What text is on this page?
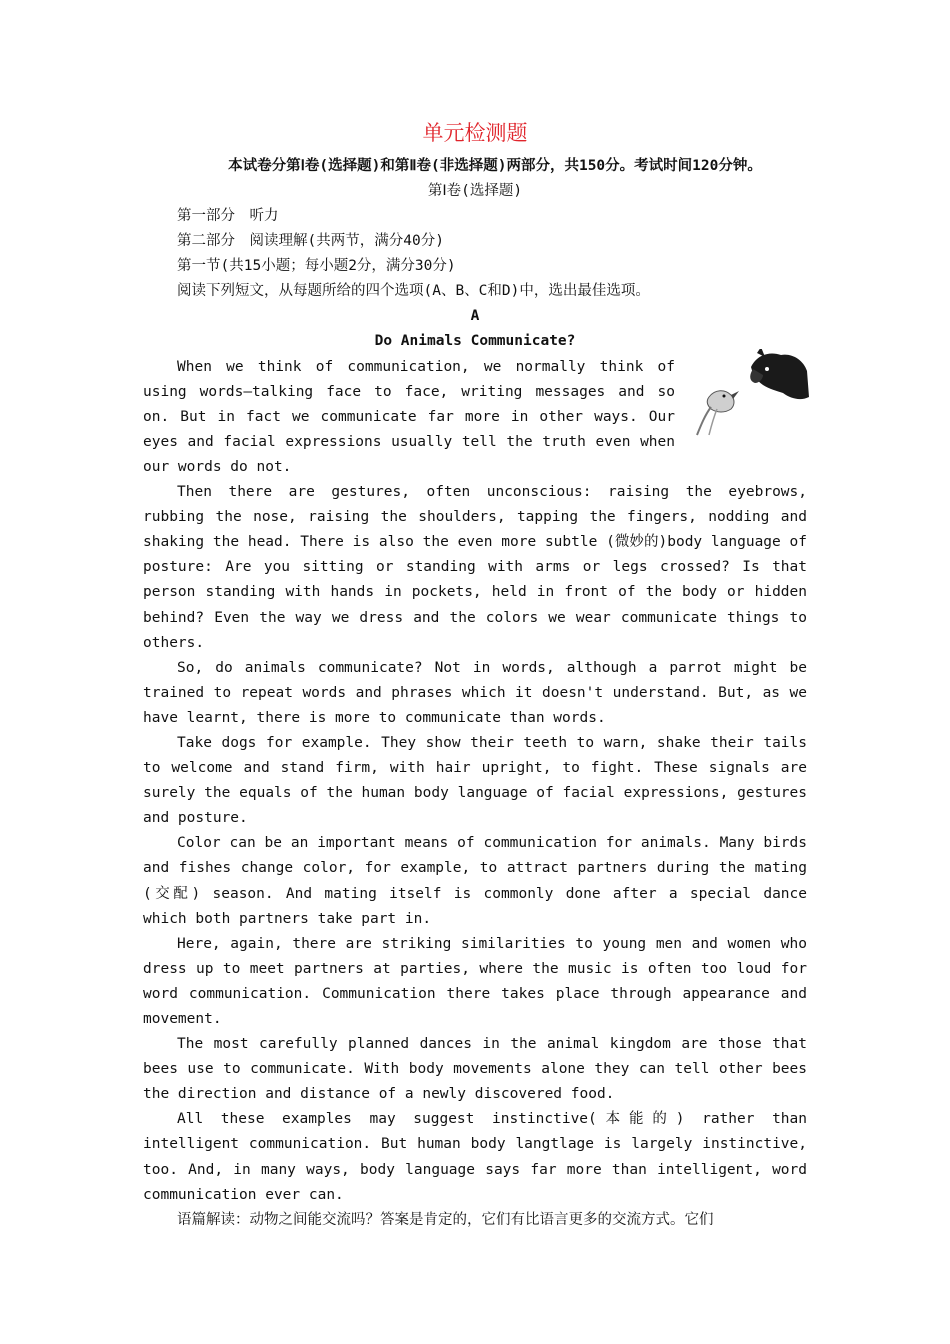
单元检测题
本试卷分第Ⅰ卷(选择题)和第Ⅱ卷(非选择题)两部分，共150分。考试时间120分钟。
第Ⅰ卷(选择题)
第一部分　听力
第二部分　阅读理解(共两节，满分40分)
第一节(共15小题；每小题2分，满分30分)
阅读下列短文，从每题所给的四个选项(A、B、C和D)中，选出最佳选项。
A
Do Animals Communicate?

When we think of communication, we normally think of using words—talking face to face, writing messages and so on. But in fact we communicate far more in other ways. Our eyes and facial expressions usually tell the truth even when our words do not.

Then there are gestures, often unconscious: raising the eyebrows, rubbing the nose, raising the shoulders, tapping the fingers, nodding and shaking the head. There is also the even more subtle (微妙的)body language of posture: Are you sitting or standing with arms or legs crossed? Is that person standing with hands in pockets, held in front of the body or hidden behind? Even the way we dress and the colors we wear communicate things to others.

So, do animals communicate? Not in words, although a parrot might be trained to repeat words and phrases which it doesn't understand. But, as we have learnt, there is more to communicate than words.

Take dogs for example. They show their teeth to warn, shake their tails to welcome and stand firm, with hair upright, to fight. These signals are surely the equals of the human body language of facial expressions, gestures and posture.

Color can be an important means of communication for animals. Many birds and fishes change color, for example, to attract partners during the mating (交配) season. And mating itself is commonly done after a special dance which both partners take part in.

Here, again, there are striking similarities to young men and women who dress up to meet partners at parties, where the music is often too loud for word communication. Communication there takes place through appearance and movement.

The most carefully planned dances in the animal kingdom are those that bees use to communicate. With body movements alone they can tell other bees the direction and distance of a newly discovered food.

All these examples may suggest instinctive(本能的) rather than intelligent communication. But human body langtlage is largely instinctive, too. And, in many ways, body language says far more than intelligent, word communication ever can.

语篇解读：动物之间能交流吗？答案是肯定的，它们有比语言更多的交流方式。它们
